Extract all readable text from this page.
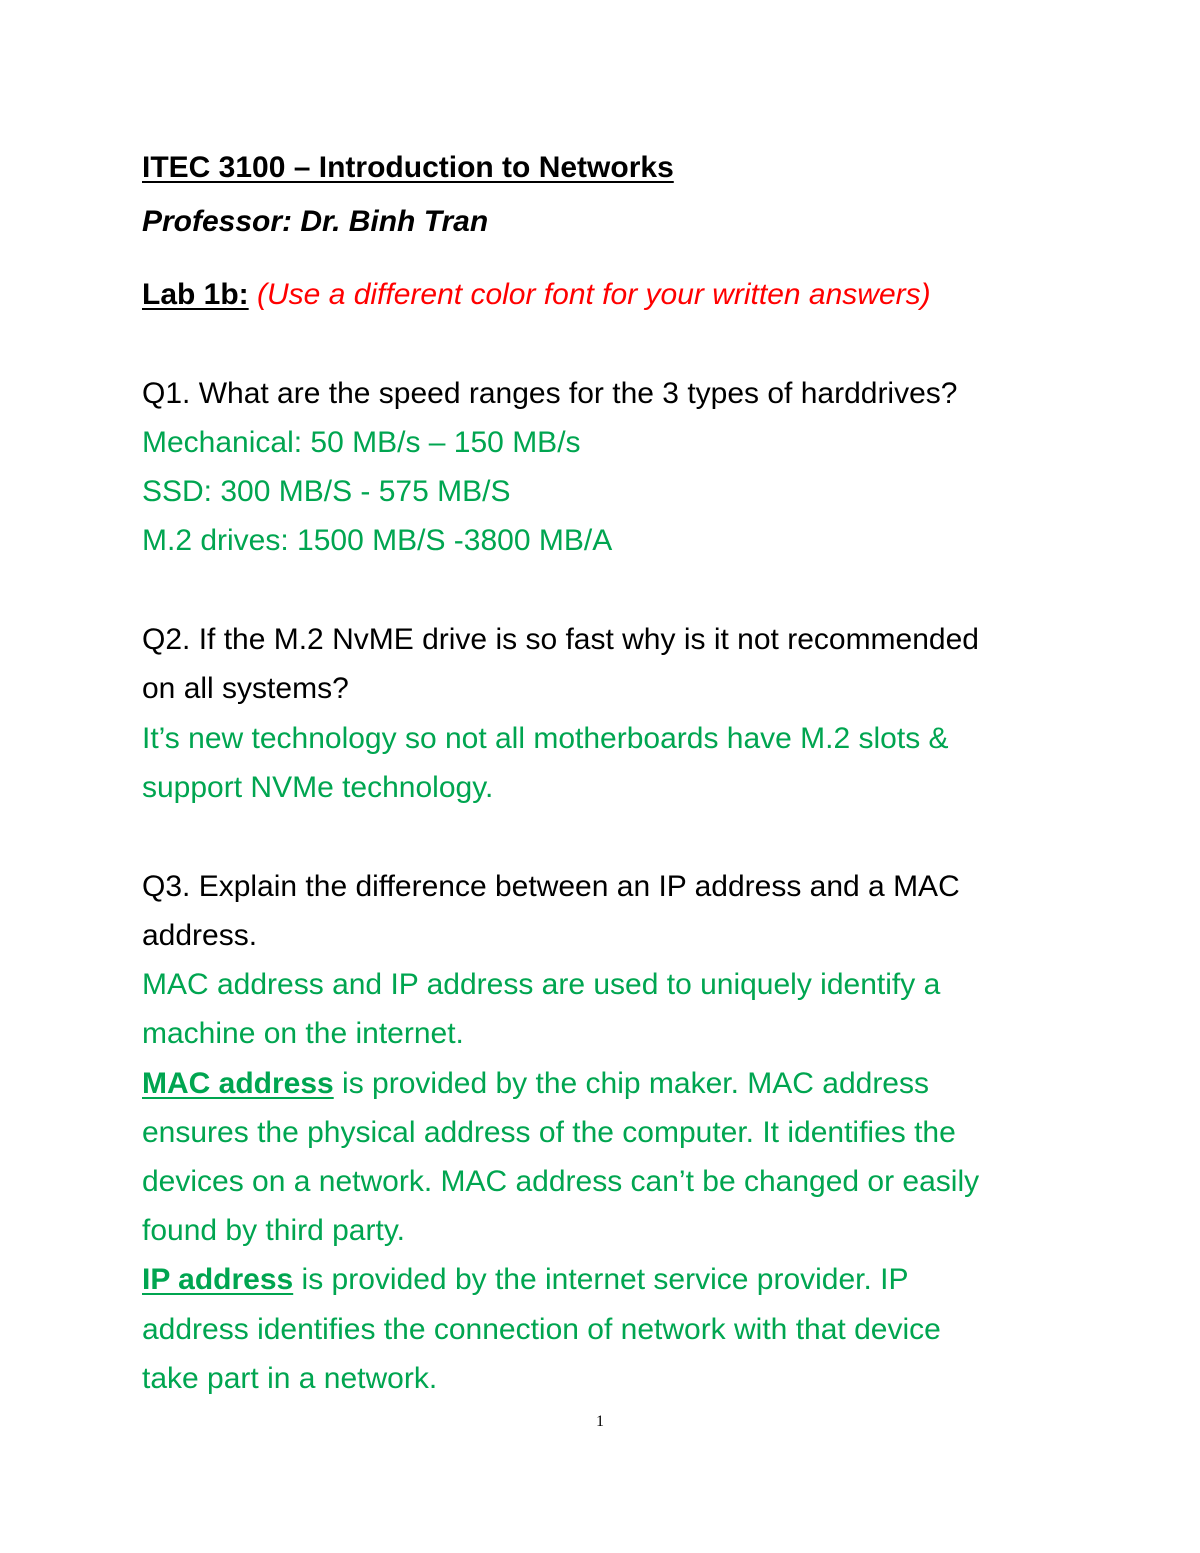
ITEC 3100 – Introduction to Networks
Professor: Dr. Binh Tran
Lab 1b: (Use a different color font for your written answers)
Q1. What are the speed ranges for the 3 types of harddrives?
Mechanical: 50 MB/s – 150 MB/s
SSD: 300 MB/S - 575 MB/S
M.2 drives: 1500 MB/S -3800 MB/A
Q2. If the M.2 NvME drive is so fast why is it not recommended
on all systems?
It’s new technology so not all motherboards have M.2 slots &
support NVMe technology.
Q3. Explain the difference between an IP address and a MAC
address.
MAC address and IP address are used to uniquely identify a
machine on the internet.
MAC address is provided by the chip maker. MAC address
ensures the physical address of the computer. It identifies the
devices on a network. MAC address can’t be changed or easily
found by third party.
IP address is provided by the internet service provider. IP
address identifies the connection of network with that device
take part in a network.
1
